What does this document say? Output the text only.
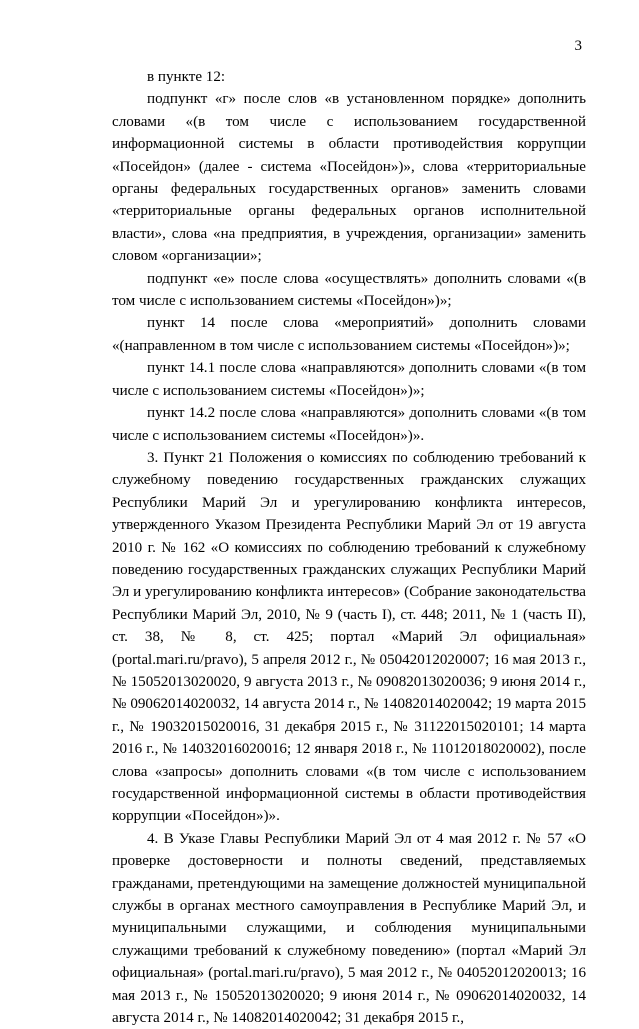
3

в пункте 12:

подпункт «г» после слов «в установленном порядке» дополнить словами «(в том числе с использованием государственной информационной системы в области противодействия коррупции «Посейдон» (далее - система «Посейдон»)», слова «территориальные органы федеральных государственных органов» заменить словами «территориальные органы федеральных органов исполнительной власти», слова «на предприятия, в учреждения, организации» заменить словом «организации»;

подпункт «е» после слова «осуществлять» дополнить словами «(в том числе с использованием системы «Посейдон»)»;

пункт 14 после слова «мероприятий» дополнить словами «(направленном в том числе с использованием системы «Посейдон»)»;

пункт 14.1 после слова «направляются» дополнить словами «(в том числе с использованием системы «Посейдон»)»;

пункт 14.2 после слова «направляются» дополнить словами «(в том числе с использованием системы «Посейдон»)».

3. Пункт 21 Положения о комиссиях по соблюдению требований к служебному поведению государственных гражданских служащих Республики Марий Эл и урегулированию конфликта интересов, утвержденного Указом Президента Республики Марий Эл от 19 августа 2010 г. № 162 «О комиссиях по соблюдению требований к служебному поведению государственных гражданских служащих Республики Марий Эл и урегулированию конфликта интересов» (Собрание законодательства Республики Марий Эл, 2010, № 9 (часть I), ст. 448; 2011, № 1 (часть II), ст. 38, № 8, ст. 425; портал «Марий Эл официальная» (portal.mari.ru/pravo), 5 апреля 2012 г., № 05042012020007; 16 мая 2013 г., № 15052013020020, 9 августа 2013 г., № 09082013020036; 9 июня 2014 г., № 09062014020032, 14 августа 2014 г., № 14082014020042; 19 марта 2015 г., № 19032015020016, 31 декабря 2015 г., № 31122015020101; 14 марта 2016 г., № 14032016020016; 12 января 2018 г., № 11012018020002), после слова «запросы» дополнить словами «(в том числе с использованием государственной информационной системы в области противодействия коррупции «Посейдон»)».

4. В Указе Главы Республики Марий Эл от 4 мая 2012 г. № 57 «О проверке достоверности и полноты сведений, представляемых гражданами, претендующими на замещение должностей муниципальной службы в органах местного самоуправления в Республике Марий Эл, и муниципальными служащими, и соблюдения муниципальными служащими требований к служебному поведению» (портал «Марий Эл официальная» (portal.mari.ru/pravo), 5 мая 2012 г., № 04052012020013; 16 мая 2013 г., № 15052013020020; 9 июня 2014 г., № 09062014020032, 14 августа 2014 г., № 14082014020042; 31 декабря 2015 г.,
